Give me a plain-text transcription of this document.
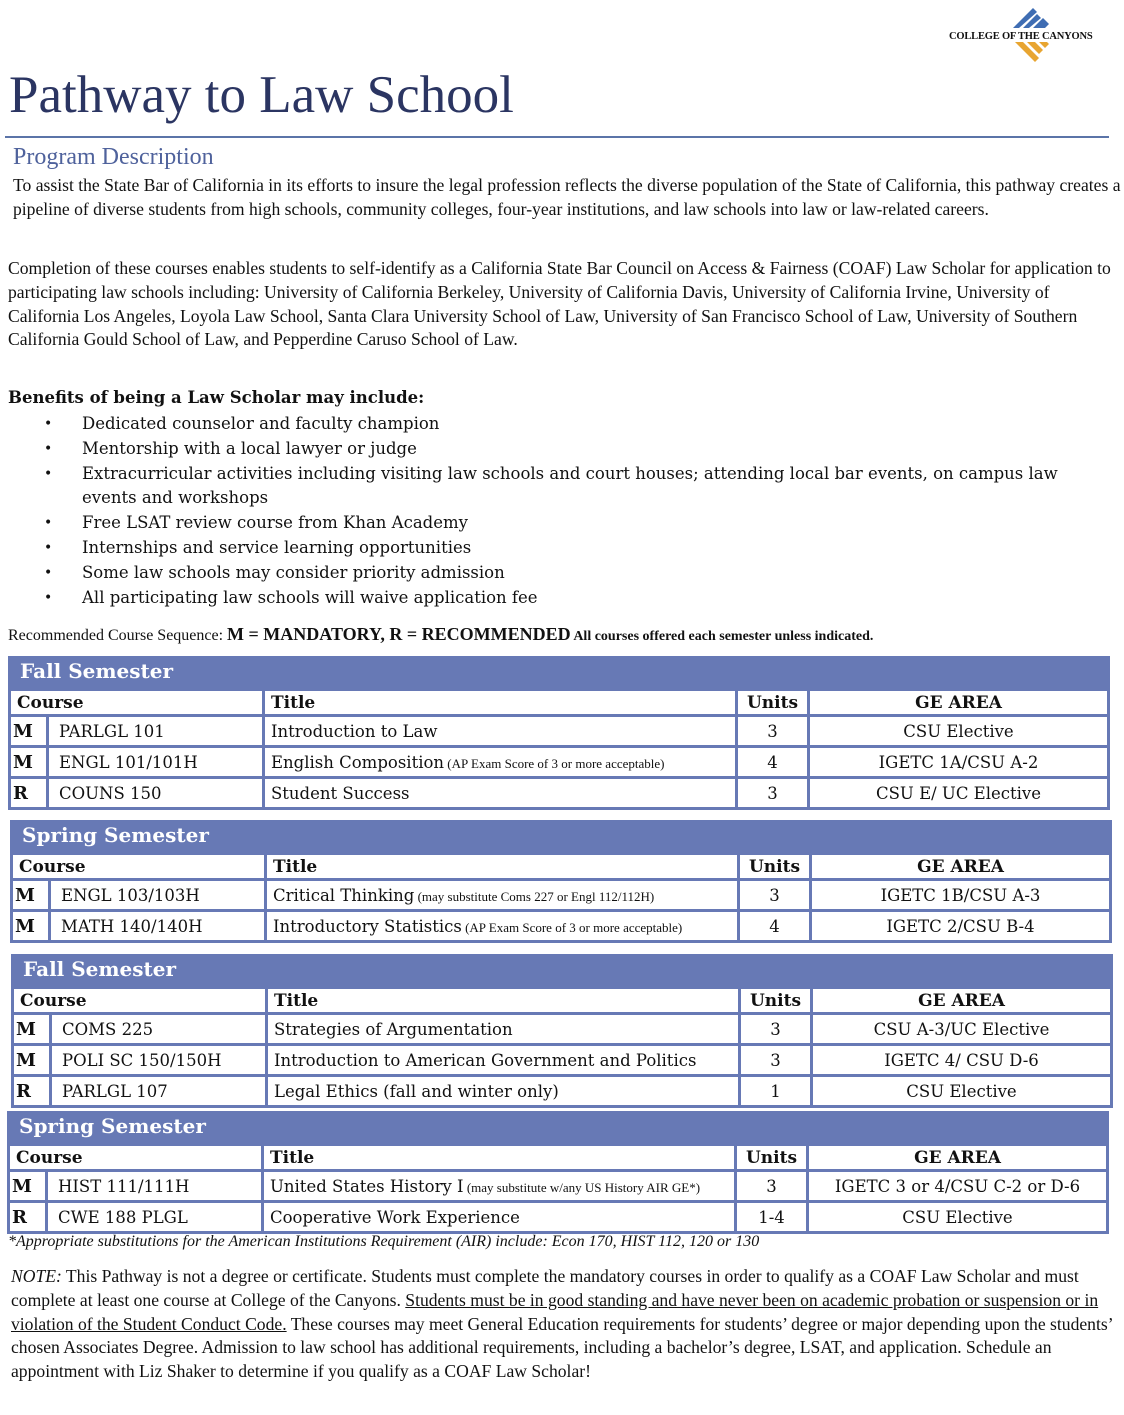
COLLEGE OF THE CANYONS
Pathway to Law School
Program Description

To assist the State Bar of California in its efforts to insure the legal profession reflects the diverse population of the State of California, this pathway creates a pipeline of diverse students from high schools, community colleges, four-year institutions, and law schools into law or law-related careers.

Completion of these courses enables students to self-identify as a California State Bar Council on Access & Fairness (COAF) Law Scholar for application to participating law schools including: University of California Berkeley, University of California Davis, University of California Irvine, University of California Los Angeles, Loyola Law School, Santa Clara University School of Law, University of San Francisco School of Law, University of Southern California Gould School of Law, and Pepperdine Caruso School of Law.

Benefits of being a Law Scholar may include:
• Dedicated counselor and faculty champion
• Mentorship with a local lawyer or judge
• Extracurricular activities including visiting law schools and court houses; attending local bar events, on campus law events and workshops
• Free LSAT review course from Khan Academy
• Internships and service learning opportunities
• Some law schools may consider priority admission
• All participating law schools will waive application fee
Recommended Course Sequence: M = MANDATORY, R = RECOMMENDED All courses offered each semester unless indicated.
Fall Semester
Course		Title	Units	GE AREA
M	PARLGL 101	Introduction to Law	3	CSU Elective
M	ENGL 101/101H	English Composition (AP Exam Score of 3 or more acceptable)	4	IGETC 1A/CSU A-2
R	COUNS 150	Student Success	3	CSU E/ UC Elective
Spring Semester
Course		Title	Units	GE AREA
M	ENGL 103/103H	Critical Thinking (may substitute Coms 227 or Engl 112/112H)	3	IGETC 1B/CSU A-3
M	MATH 140/140H	Introductory Statistics (AP Exam Score of 3 or more acceptable)	4	IGETC 2/CSU B-4
Fall Semester
Course		Title	Units	GE AREA
M	COMS 225	Strategies of Argumentation	3	CSU A-3/UC Elective
M	POLI SC 150/150H	Introduction to American Government and Politics	3	IGETC 4/ CSU D-6
R	PARLGL 107	Legal Ethics (fall and winter only)	1	CSU Elective
Spring Semester
Course		Title	Units	GE AREA
M	HIST 111/111H	United States History I (may substitute w/any US History AIR GE*)	3	IGETC 3 or 4/CSU C-2 or D-6
R	CWE 188 PLGL	Cooperative Work Experience	1-4	CSU Elective

*Appropriate substitutions for the American Institutions Requirement (AIR) include: Econ 170, HIST 112, 120 or 130

NOTE: This Pathway is not a degree or certificate. Students must complete the mandatory courses in order to qualify as a COAF Law Scholar and must complete at least one course at College of the Canyons. Students must be in good standing and have never been on academic probation or suspension or in violation of the Student Conduct Code. These courses may meet General Education requirements for students’ degree or major depending upon the students’ chosen Associates Degree. Admission to law school has additional requirements, including a bachelor’s degree, LSAT, and application. Schedule an appointment with Liz Shaker to determine if you qualify as a COAF Law Scholar!
